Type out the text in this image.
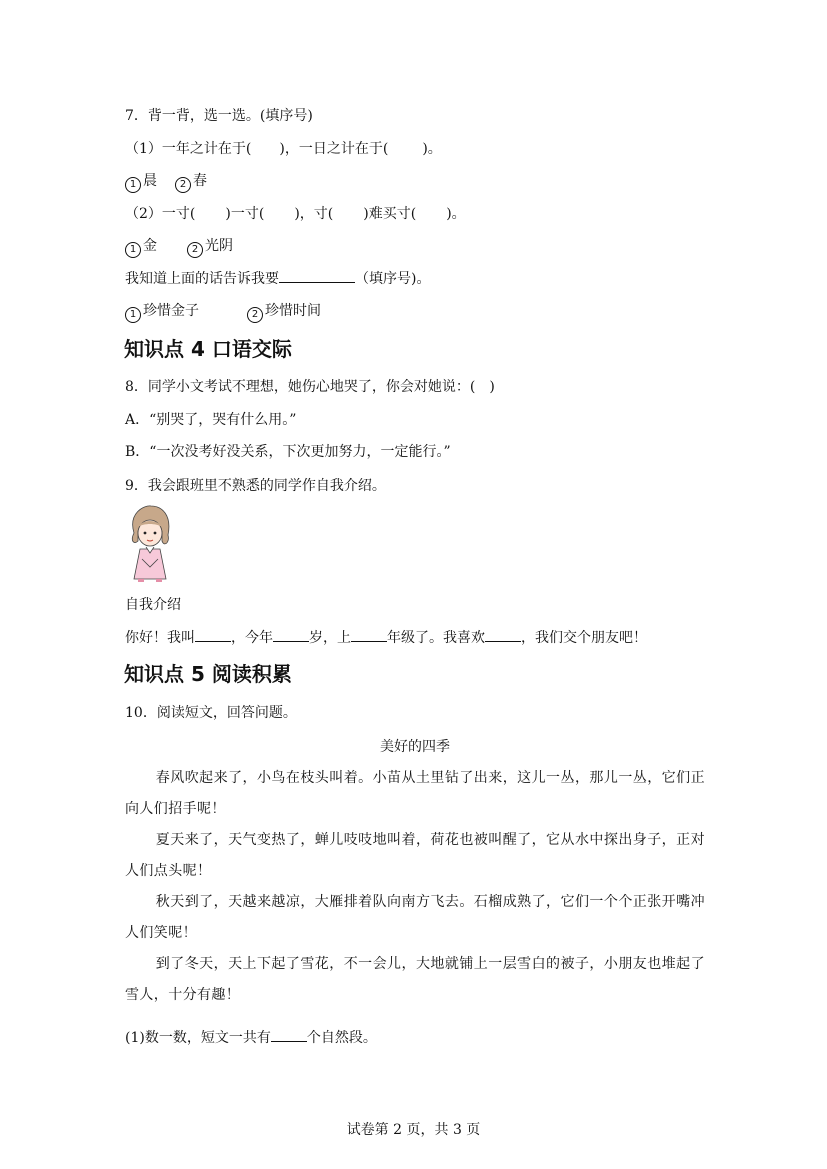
7．背一背，选一选。(填序号)
（1）一年之计在于( )，一日之计在于( )。
1 晨 2 春
（2）一寸( )一寸( )，寸( )难买寸( )。
1 金	2 光阴
我知道上面的话告诉我要	（填序号)。
1 珍惜金子	2 珍惜时间
知识点 4 口语交际
8．同学小文考试不理想，她伤心地哭了，你会对她说：(　)
A．“别哭了，哭有什么用。”
B．“一次没考好没关系，下次更加努力，一定能行。”
9．我会跟班里不熟悉的同学作自我介绍。
自我介绍
你好！我叫	，今年	岁，上	年级了。我喜欢	，我们交个朋友吧！
知识点 5 阅读积累
10．阅读短文，回答问题。
美好的四季

春风吹起来了，小鸟在枝头叫着。小苗从土里钻了出来，这儿一丛，那儿一丛，它们正向人们招手呢！

夏天来了，天气变热了，蝉儿吱吱地叫着，荷花也被叫醒了，它从水中探出身子，正对人们点头呢！

秋天到了，天越来越凉，大雁排着队向南方飞去。石榴成熟了，它们一个个正张开嘴冲人们笑呢！

到了冬天，天上下起了雪花，不一会儿，大地就铺上一层雪白的被子，小朋友也堆起了雪人，十分有趣！

(1)数一数，短文一共有	个自然段。
试卷第 2 页，共 3 页
